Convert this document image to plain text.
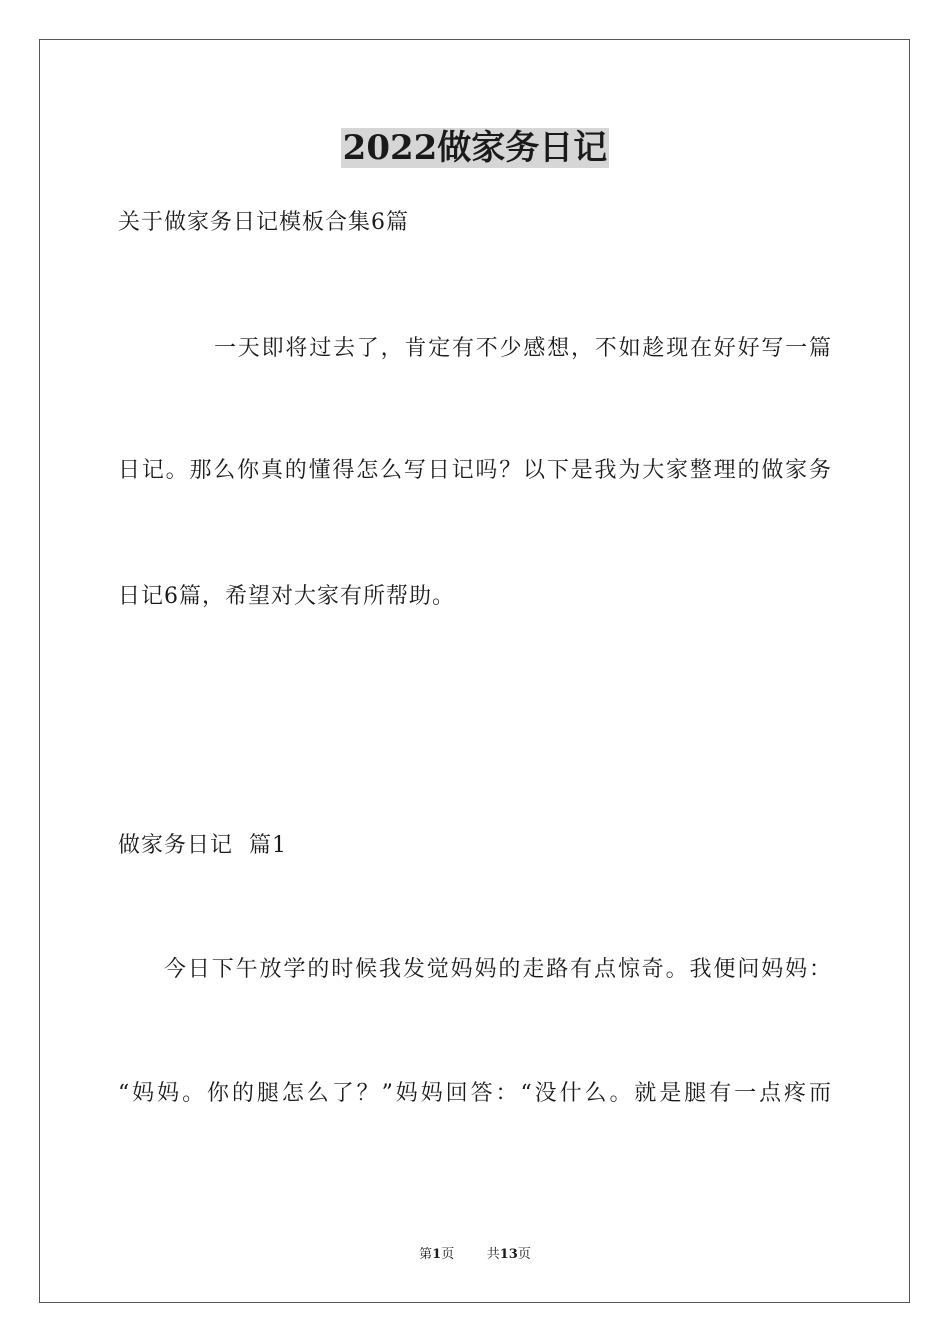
2022做家务日记
关于做家务日记模板合集6篇
一天即将过去了，肯定有不少感想，不如趁现在好好写一篇
日记。那么你真的懂得怎么写日记吗？以下是我为大家整理的做家务
日记6篇，希望对大家有所帮助。
做家务日记  篇1
今日下午放学的时候我发觉妈妈的走路有点惊奇。我便问妈妈：
“妈妈。你的腿怎么了？”妈妈回答：“没什么。就是腿有一点疼而
第1页	共13页
